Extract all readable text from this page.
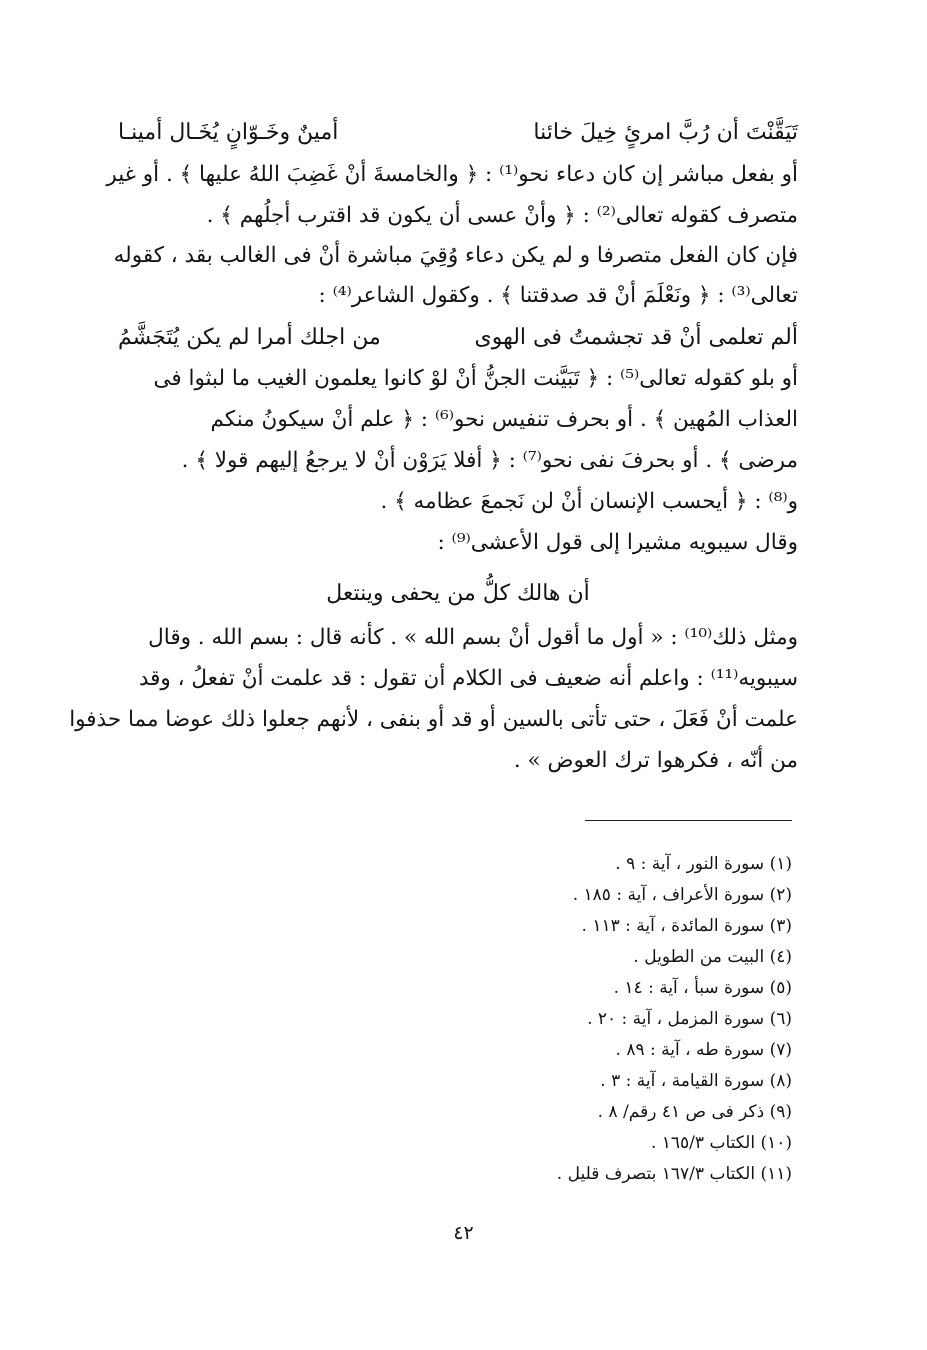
تَيَقَّنْتَ أن رُبَّ امرئٍ خِيلَ خائنا
أمينٌ وخَـوّانٍ يُخَـال أمينـا
أو بفعل مباشر إن كان دعاء نحو⁽¹⁾ : ﴿ والخامسةَ أنْ غَضِبَ اللهُ عليها ﴾ . أو غير
متصرف كقوله تعالى⁽²⁾ : ﴿ وأنْ عسى أن يكون قد اقترب أجلُهم ﴾ .
فإن كان الفعل متصرفا و لم يكن دعاء وُقِيَ مباشرة أنْ فى الغالب بقد ، كقوله
تعالى⁽³⁾ : ﴿ ونَعْلَمَ أنْ قد صدقتنا ﴾ . وكقول الشاعر⁽⁴⁾ :
ألم تعلمى أنْ قد تجشمتُ فى الهوى
من اجلك أمرا لم يكن يُتَجَشَّمُ
أو بلو كقوله تعالى⁽⁵⁾ : ﴿ تَبَيَّنت الجنُّ أنْ لوْ كانوا يعلمون الغيب ما لبثوا فى
العذاب المُهين ﴾ . أو بحرف تنفيس نحو⁽⁶⁾ : ﴿ علم أنْ سيكونُ منكم
مرضى ﴾ . أو بحرفَ نفى نحو⁽⁷⁾ : ﴿ أفلا يَرَوْن أنْ لا يرجعُ إليهم قولا ﴾ .
و⁽⁸⁾ : ﴿ أيحسب الإنسان أنْ لن نَجمعَ عظامه ﴾ .
وقال سيبويه مشيرا إلى قول الأعشى⁽⁹⁾ :
أن هالك كلُّ من يحفى وينتعل
ومثل ذلك⁽¹⁰⁾ : « أول ما أقول أنْ بسم الله » . كأنه قال : بسم الله . وقال
سيبويه⁽¹¹⁾ : واعلم أنه ضعيف فى الكلام أن تقول : قد علمت أنْ تفعلُ ، وقد
علمت أنْ فَعَلَ ، حتى تأتى بالسين أو قد أو بنفى ، لأنهم جعلوا ذلك عوضا مما حذفوا
من أنّه ، فكرهوا ترك العوض » .
(١) سورة النور ، آية : ٩ .
(٢) سورة الأعراف ، آية : ١٨٥ .
(٣) سورة المائدة ، آية : ١١٣ .
(٤) البيت من الطويل .
(٥) سورة سبأ ، آية : ١٤ .
(٦) سورة المزمل ، آية : ٢٠ .
(٧) سورة طه ، آية : ٨٩ .
(٨) سورة القيامة ، آية : ٣ .
(٩) ذكر فى ص ٤١ رقم/ ٨ .
(١٠) الكتاب ١٦٥/٣ .
(١١) الكتاب ١٦٧/٣ بتصرف قليل .
٤٢
